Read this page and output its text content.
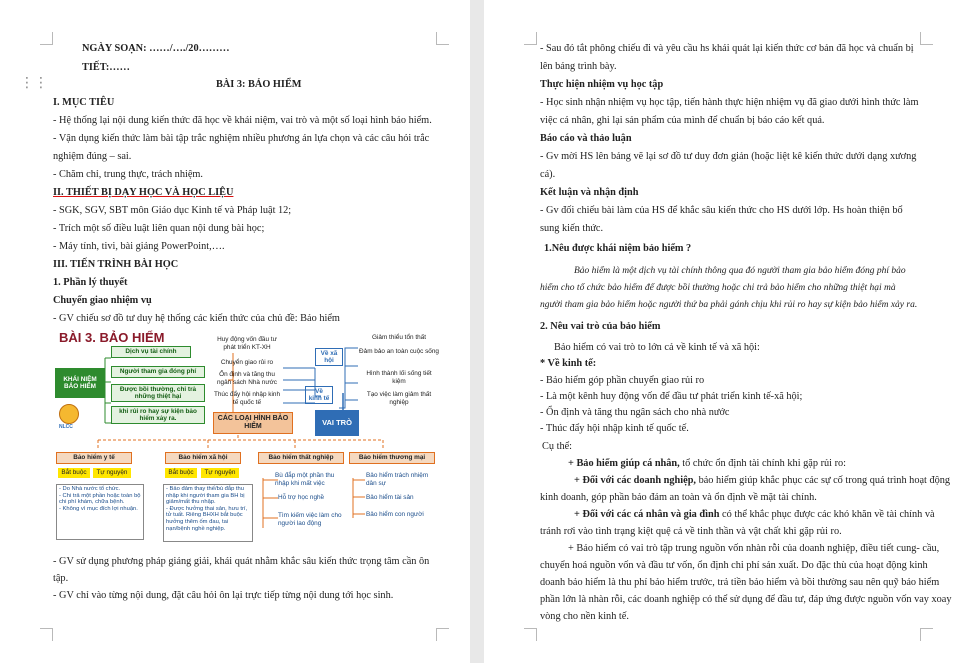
⋮⋮
NGÀY SOẠN: ……/…./20………
TIẾT:……
BÀI 3: BẢO HIỂM
I. MỤC TIÊU
- Hệ thống lại nội dung kiến thức đã học về khái niệm, vai trò và một số loại hình bảo hiểm.
- Vận dụng kiến thức làm bài tập trắc nghiệm nhiều phương án lựa chọn và các câu hỏi trắc
nghiệm đúng – sai.
- Chăm chỉ, trung thực, trách nhiệm.
II. THIẾT BỊ DẠY HỌC VÀ HỌC LIỆU
- SGK, SGV, SBT môn Giáo dục Kinh tế và Pháp luật 12;
- Trích một số điều luật liên quan nội dung bài học;
- Máy tính, tivi, bài giảng PowerPoint,….
III. TIẾN TRÌNH BÀI HỌC
1. Phần lý thuyết
Chuyển giao nhiệm vụ
- GV chiếu sơ đồ tư duy hệ thống các kiến thức của chủ đề: Bảo hiểm
BÀI 3. BẢO HIỂM
KHÁI NIỆM BẢO HIỂM
NLCC
Dịch vụ tài chính
Người tham gia đóng phí
Được bồi thường, chi trả những thiệt hại
khi rủi ro hay sự kiện bảo hiểm xảy ra.
Huy động vốn đầu tư phát triển KT-XH
Chuyển giao rủi ro
Ổn định và tăng thu ngân sách Nhà nước
Thúc đẩy hội nhập kinh tế quốc tế
Về xã hội
Về kinh tế
Giảm thiểu tổn thất
Đảm bảo an toàn cuộc sống
Hình thành lối sống tiết kiệm
Tạo việc làm giảm thất nghiệp
CÁC LOẠI HÌNH BẢO HIỂM	VAI TRÒ
Bảo hiểm y tế
Bắt buộc	Tự nguyện
- Do Nhà nước tổ chức.
- Chi trả một phần hoặc toàn bộ chi phí khám, chữa bệnh.
- Không vì mục đích lợi nhuận.
Bảo hiểm xã hội
Bắt buộc	Tự nguyện
- Bảo đảm thay thế/bù đắp thu nhập khi người tham gia BH bị giảm/mất thu nhập.
- Được hưởng thai sản, hưu trí, tử tuất. Riêng BHXH bắt buộc hưởng thêm ốm đau, tai nạn/bệnh nghề nghiệp.
Bảo hiểm thất nghiệp
Bù đắp một phần thu nhập khi mất việc
Hỗ trợ học nghề
Tìm kiếm việc làm cho người lao động
Bảo hiểm thương mại
Bảo hiểm trách nhiệm dân sự
Bảo hiểm tài sản
Bảo hiểm con người
- GV sử dụng phương pháp giảng giải, khái quát nhằm khắc sâu kiến thức trọng tâm cần ôn
tập.
- GV chỉ vào từng nội dung, đặt câu hỏi ôn lại trực tiếp từng nội dung tới học sinh.
- Sau đó tắt phông chiếu đi và yêu cầu hs khái quát lại kiến thức cơ bản đã học và chuẩn bị
lên bảng trình bày.
Thực hiện nhiệm vụ học tập
- Học sinh nhận nhiệm vụ học tập, tiến hành thực hiện nhiệm vụ đã giao dưới hình thức làm
việc cá nhân, ghi lại sản phẩm của mình để chuẩn bị báo cáo kết quả.
Báo cáo và thảo luận
- Gv mời HS lên bảng vẽ lại sơ đồ tư duy đơn giản (hoặc liệt kê kiến thức dưới dạng xương
cá).
Kết luận và nhận định
- Gv đối chiếu bài làm của HS để khắc sâu kiến thức cho HS dưới lớp. Hs hoàn thiện bổ
sung kiến thức.
1.Nêu được khái niệm bảo hiểm ?
Bảo hiểm là một dịch vụ tài chính thông qua đó người tham gia bảo hiểm đóng phí bảo
hiểm cho tổ chức bảo hiểm để được bồi thường hoặc chi trả bảo hiểm cho những thiệt hại mà
người tham gia bảo hiểm hoặc người thứ ba phải gánh chịu khi rủi ro hay sự kiện bảo hiểm xảy ra.
2. Nêu vai trò của bảo hiểm
Bảo hiểm có vai trò to lớn cả về kinh tế và xã hội:
* Về kinh tế:
- Bảo hiểm góp phần chuyển giao rủi ro
- Là một kênh huy động vốn để đầu tư phát triển kinh tế-xã hội;
- Ổn định và tăng thu ngân sách cho nhà nước
- Thúc đẩy hội nhập kinh tế quốc tế.
Cụ thể:
+ Bảo hiểm giúp cá nhân, tổ chức ổn định tài chính khi gặp rủi ro:
+ Đối với các doanh nghiệp, bảo hiểm giúp khắc phục các sự cố trong quá trình hoạt động
kinh doanh, góp phần bảo đảm an toàn và ổn định về mặt tài chính.
+ Đối với các cá nhân và gia đình có thể khắc phục được các khó khăn về tài chính và
tránh rơi vào tình trạng kiệt quệ cả về tinh thần và vật chất khi gặp rủi ro.
+ Bảo hiểm có vai trò tập trung nguồn vốn nhàn rỗi của doanh nghiệp, điều tiết cung- cầu,
chuyển hoá nguồn vốn và đầu tư vốn, ổn định chi phí sản xuất. Do đặc thù của hoạt động kinh
doanh bảo hiểm là thu phí bảo hiểm trước, trả tiền bảo hiểm và bồi thường sau nên quỹ bảo hiểm
phần lớn là nhàn rỗi, các doanh nghiệp có thể sử dụng để đầu tư, đáp ứng được nguồn vốn vay xoay
vòng cho nền kinh tế.
